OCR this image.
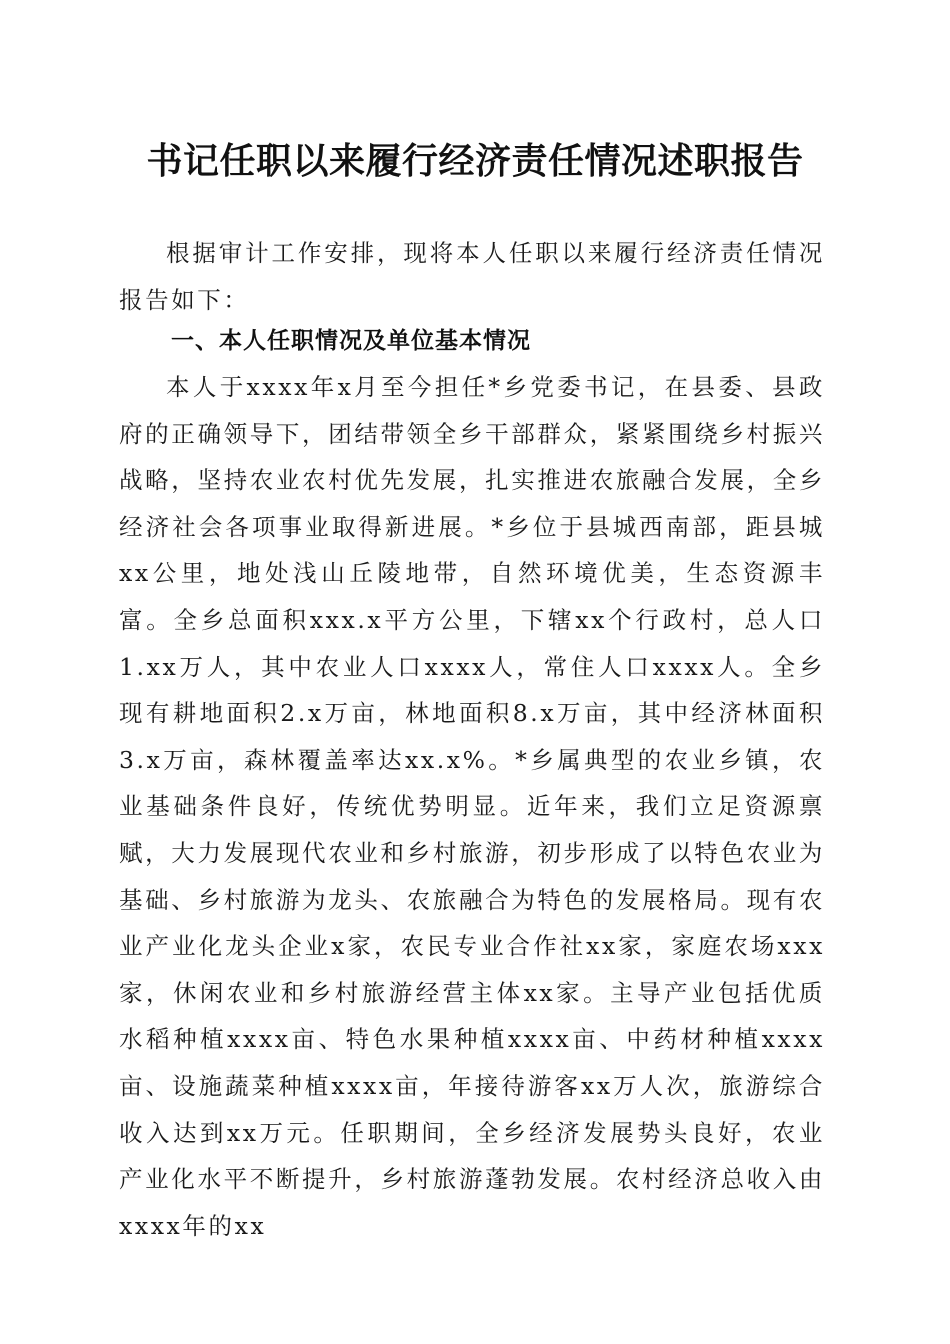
书记任职以来履行经济责任情况述职报告

根据审计工作安排，现将本人任职以来履行经济责任情况报告如下：

一、本人任职情况及单位基本情况

本人于xxxx年x月至今担任*乡党委书记，在县委、县政府的正确领导下，团结带领全乡干部群众，紧紧围绕乡村振兴战略，坚持农业农村优先发展，扎实推进农旅融合发展，全乡经济社会各项事业取得新进展。*乡位于县城西南部，距县城xx公里，地处浅山丘陵地带，自然环境优美，生态资源丰富。全乡总面积xxx.x平方公里，下辖xx个行政村，总人口1.xx万人，其中农业人口xxxx人，常住人口xxxx人。全乡现有耕地面积2.x万亩，林地面积8.x万亩，其中经济林面积3.x万亩，森林覆盖率达xx.x%。*乡属典型的农业乡镇，农业基础条件良好，传统优势明显。近年来，我们立足资源禀赋，大力发展现代农业和乡村旅游，初步形成了以特色农业为基础、乡村旅游为龙头、农旅融合为特色的发展格局。现有农业产业化龙头企业x家，农民专业合作社xx家，家庭农场xxx家，休闲农业和乡村旅游经营主体xx家。主导产业包括优质水稻种植xxxx亩、特色水果种植xxxx亩、中药材种植xxxx亩、设施蔬菜种植xxxx亩，年接待游客xx万人次，旅游综合收入达到xx万元。任职期间，全乡经济发展势头良好，农业产业化水平不断提升，乡村旅游蓬勃发展。农村经济总收入由xxxx年的xx
